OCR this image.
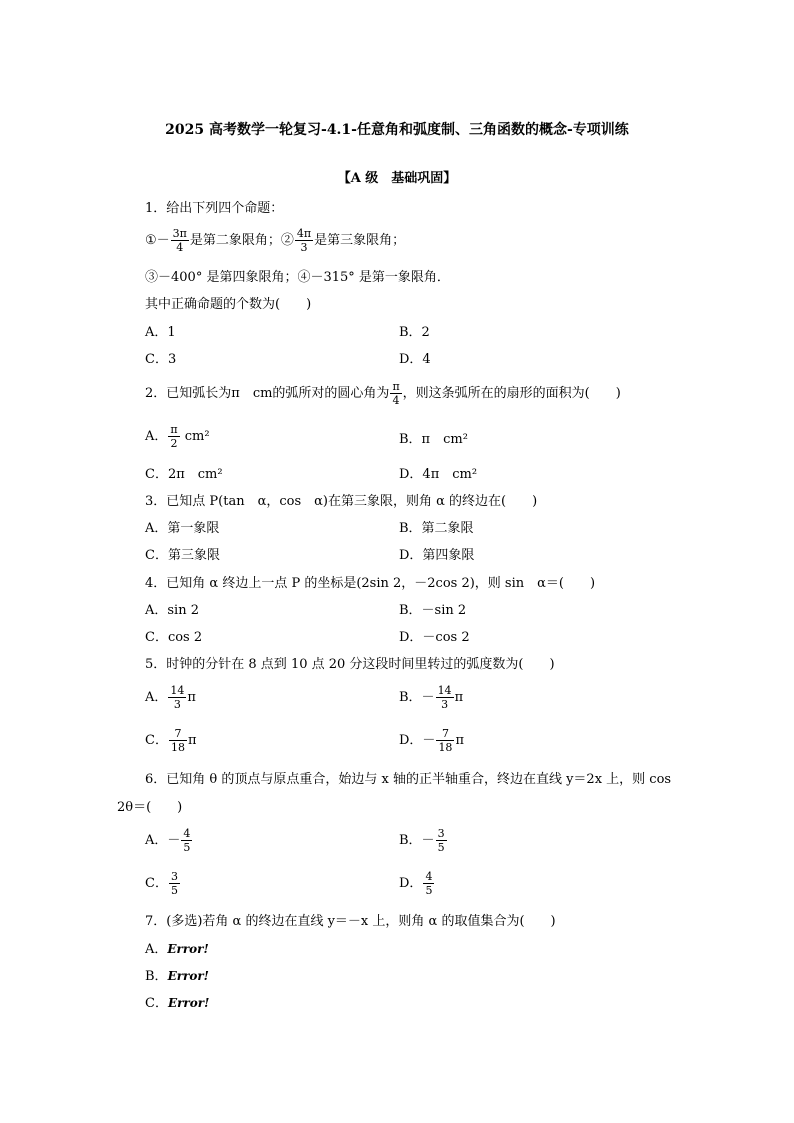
2025 高考数学一轮复习-4.1-任意角和弧度制、三角函数的概念-专项训练
【A 级　基础巩固】
1．给出下列四个命题：
①－ $\frac{3\pi}{4}$ 是第二象限角；② $\frac{4\pi}{3}$ 是第三象限角；
③－400° 是第四象限角；④－315° 是第一象限角．
其中正确命题的个数为(　　)
A．1	B．2
C．3	D．4
2．已知弧长为π　cm的弧所对的圆心角为 $\frac{\pi}{4}$ ，则这条弧所在的扇形的面积为(　　)
A． $\frac{\pi}{2} cm^2$	B．π　cm²
C．2π　cm²	D．4π　cm²
3．已知点 P(tan　α，cos　α)在第三象限，则角 α 的终边在(　　)
A．第一象限	B．第二象限
C．第三象限	D．第四象限
4．已知角 α 终边上一点 P 的坐标是(2sin 2，－2cos 2)，则 sin　α＝(　　)
A．sin 2	B．－sin 2
C．cos 2	D．－cos 2
5．时钟的分针在 8 点到 10 点 20 分这段时间里转过的弧度数为(　　)
A． $\frac{14}{3}$ π	B．－ $\frac{14}{3}$ π
C． $\frac{7}{18}$ π	D．－ $\frac{7}{18}$ π
6．已知角 θ 的顶点与原点重合，始边与 x 轴的正半轴重合，终边在直线 y＝2x 上，则 cos
2θ＝(　　)
A．－ $\frac{4}{5}$	B．－ $\frac{3}{5}$
C． $\frac{3}{5}$	D． $\frac{4}{5}$
7．(多选)若角 α 的终边在直线 y＝－x 上，则角 α 的取值集合为(　　)
A．Error!
B．Error!
C．Error!
